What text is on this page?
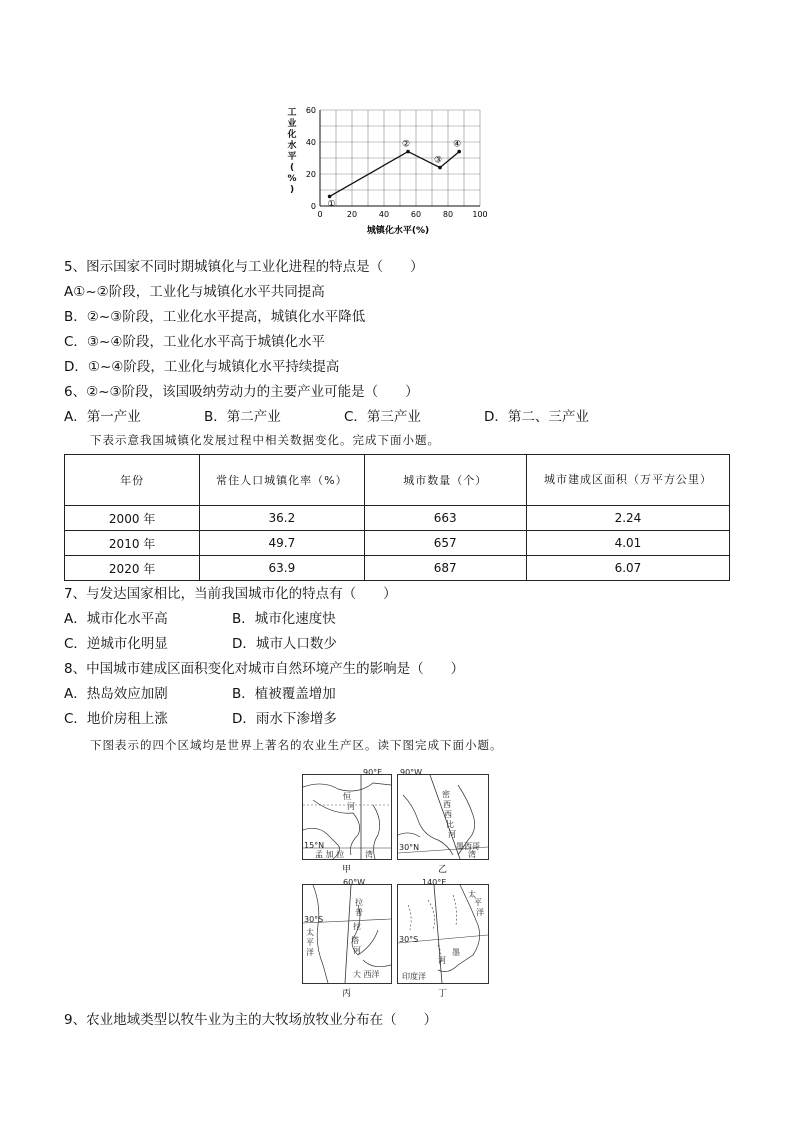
①
②
③
④
0	20	40	60	80 100
0
20
40
60
城镇化水平(%)
工
业
化
水
平
(
%
)
5、图示国家不同时期城镇化与工业化进程的特点是（　　）
A①~②阶段，工业化与城镇化水平共同提高
B．②~③阶段，工业化水平提高，城镇化水平降低
C．③~④阶段，工业化水平高于城镇化水平
D．①~④阶段，工业化与城镇化水平持续提高
6、②~③阶段，该国吸纳劳动力的主要产业可能是（　　）
A．第一产业	B．第二产业	C．第三产业	D．第二、三产业
下表示意我国城镇化发展过程中相关数据变化。完成下面小题。
年份	常住人口城镇化率（%）	城市数量（个）	城市建成区面积（万平方公里）
2000 年	36.2	663	2.24
2010 年	49.7	657	4.01
2020 年	63.9	687	6.07
7、与发达国家相比，当前我国城市化的特点有（　　）
A．城市化水平高	B．城市化速度快
C．逆城市化明显	D．城市人口数少
8、中国城市建成区面积变化对城市自然环境产生的影响是（　　）
A．热岛效应加剧	B．植被覆盖增加
C．地价房租上涨	D．雨水下渗增多
下图表示的四个区域均是世界上著名的农业生产区。读下图完成下面小题。
90°E
15°N
恒
河
孟 加 拉	湾
甲
90°W
30°N
密
西
西
比
河
墨西哥
湾
乙
60°W
30°S
拉
普
拉
塔
河
太
平
洋
大 西洋
丙
140°E
30°S
太
平
洋
墨
河
印度洋
丁
9、农业地域类型以牧牛业为主的大牧场放牧业分布在（　　）
